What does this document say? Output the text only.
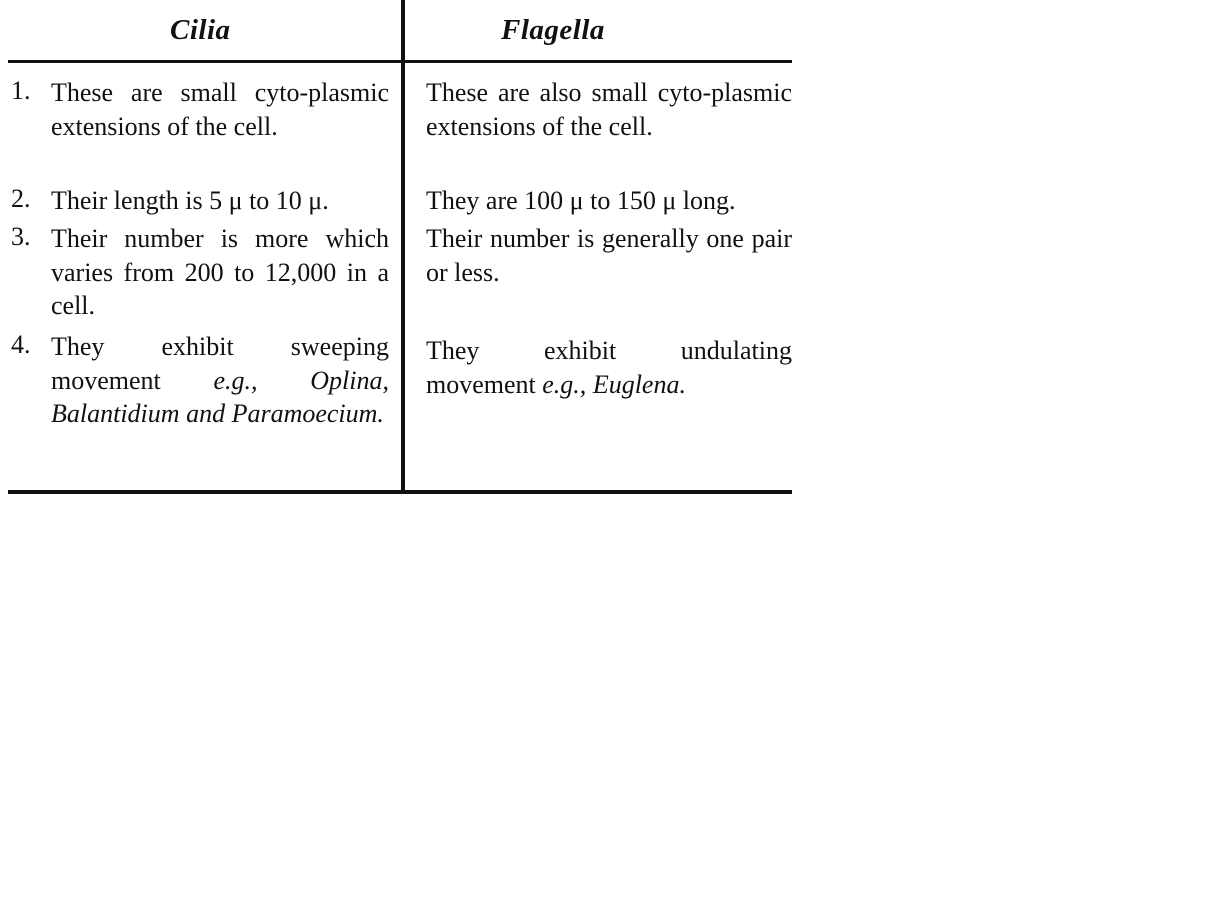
Cilia	Flagella
1. These are small cyto-plasmic extensions of the cell.
These are also small cyto-plasmic extensions of the cell.
2. Their length is 5 μ to 10 μ.	They are 100 μ to 150 μ long.
3. Their number is more which varies from 200 to 12,000 in a cell.
Their number is generally one pair or less.
4. They exhibit sweeping movement e.g., Oplina, Balantidium and Paramoecium.
They exhibit undulating movement e.g., Euglena.
